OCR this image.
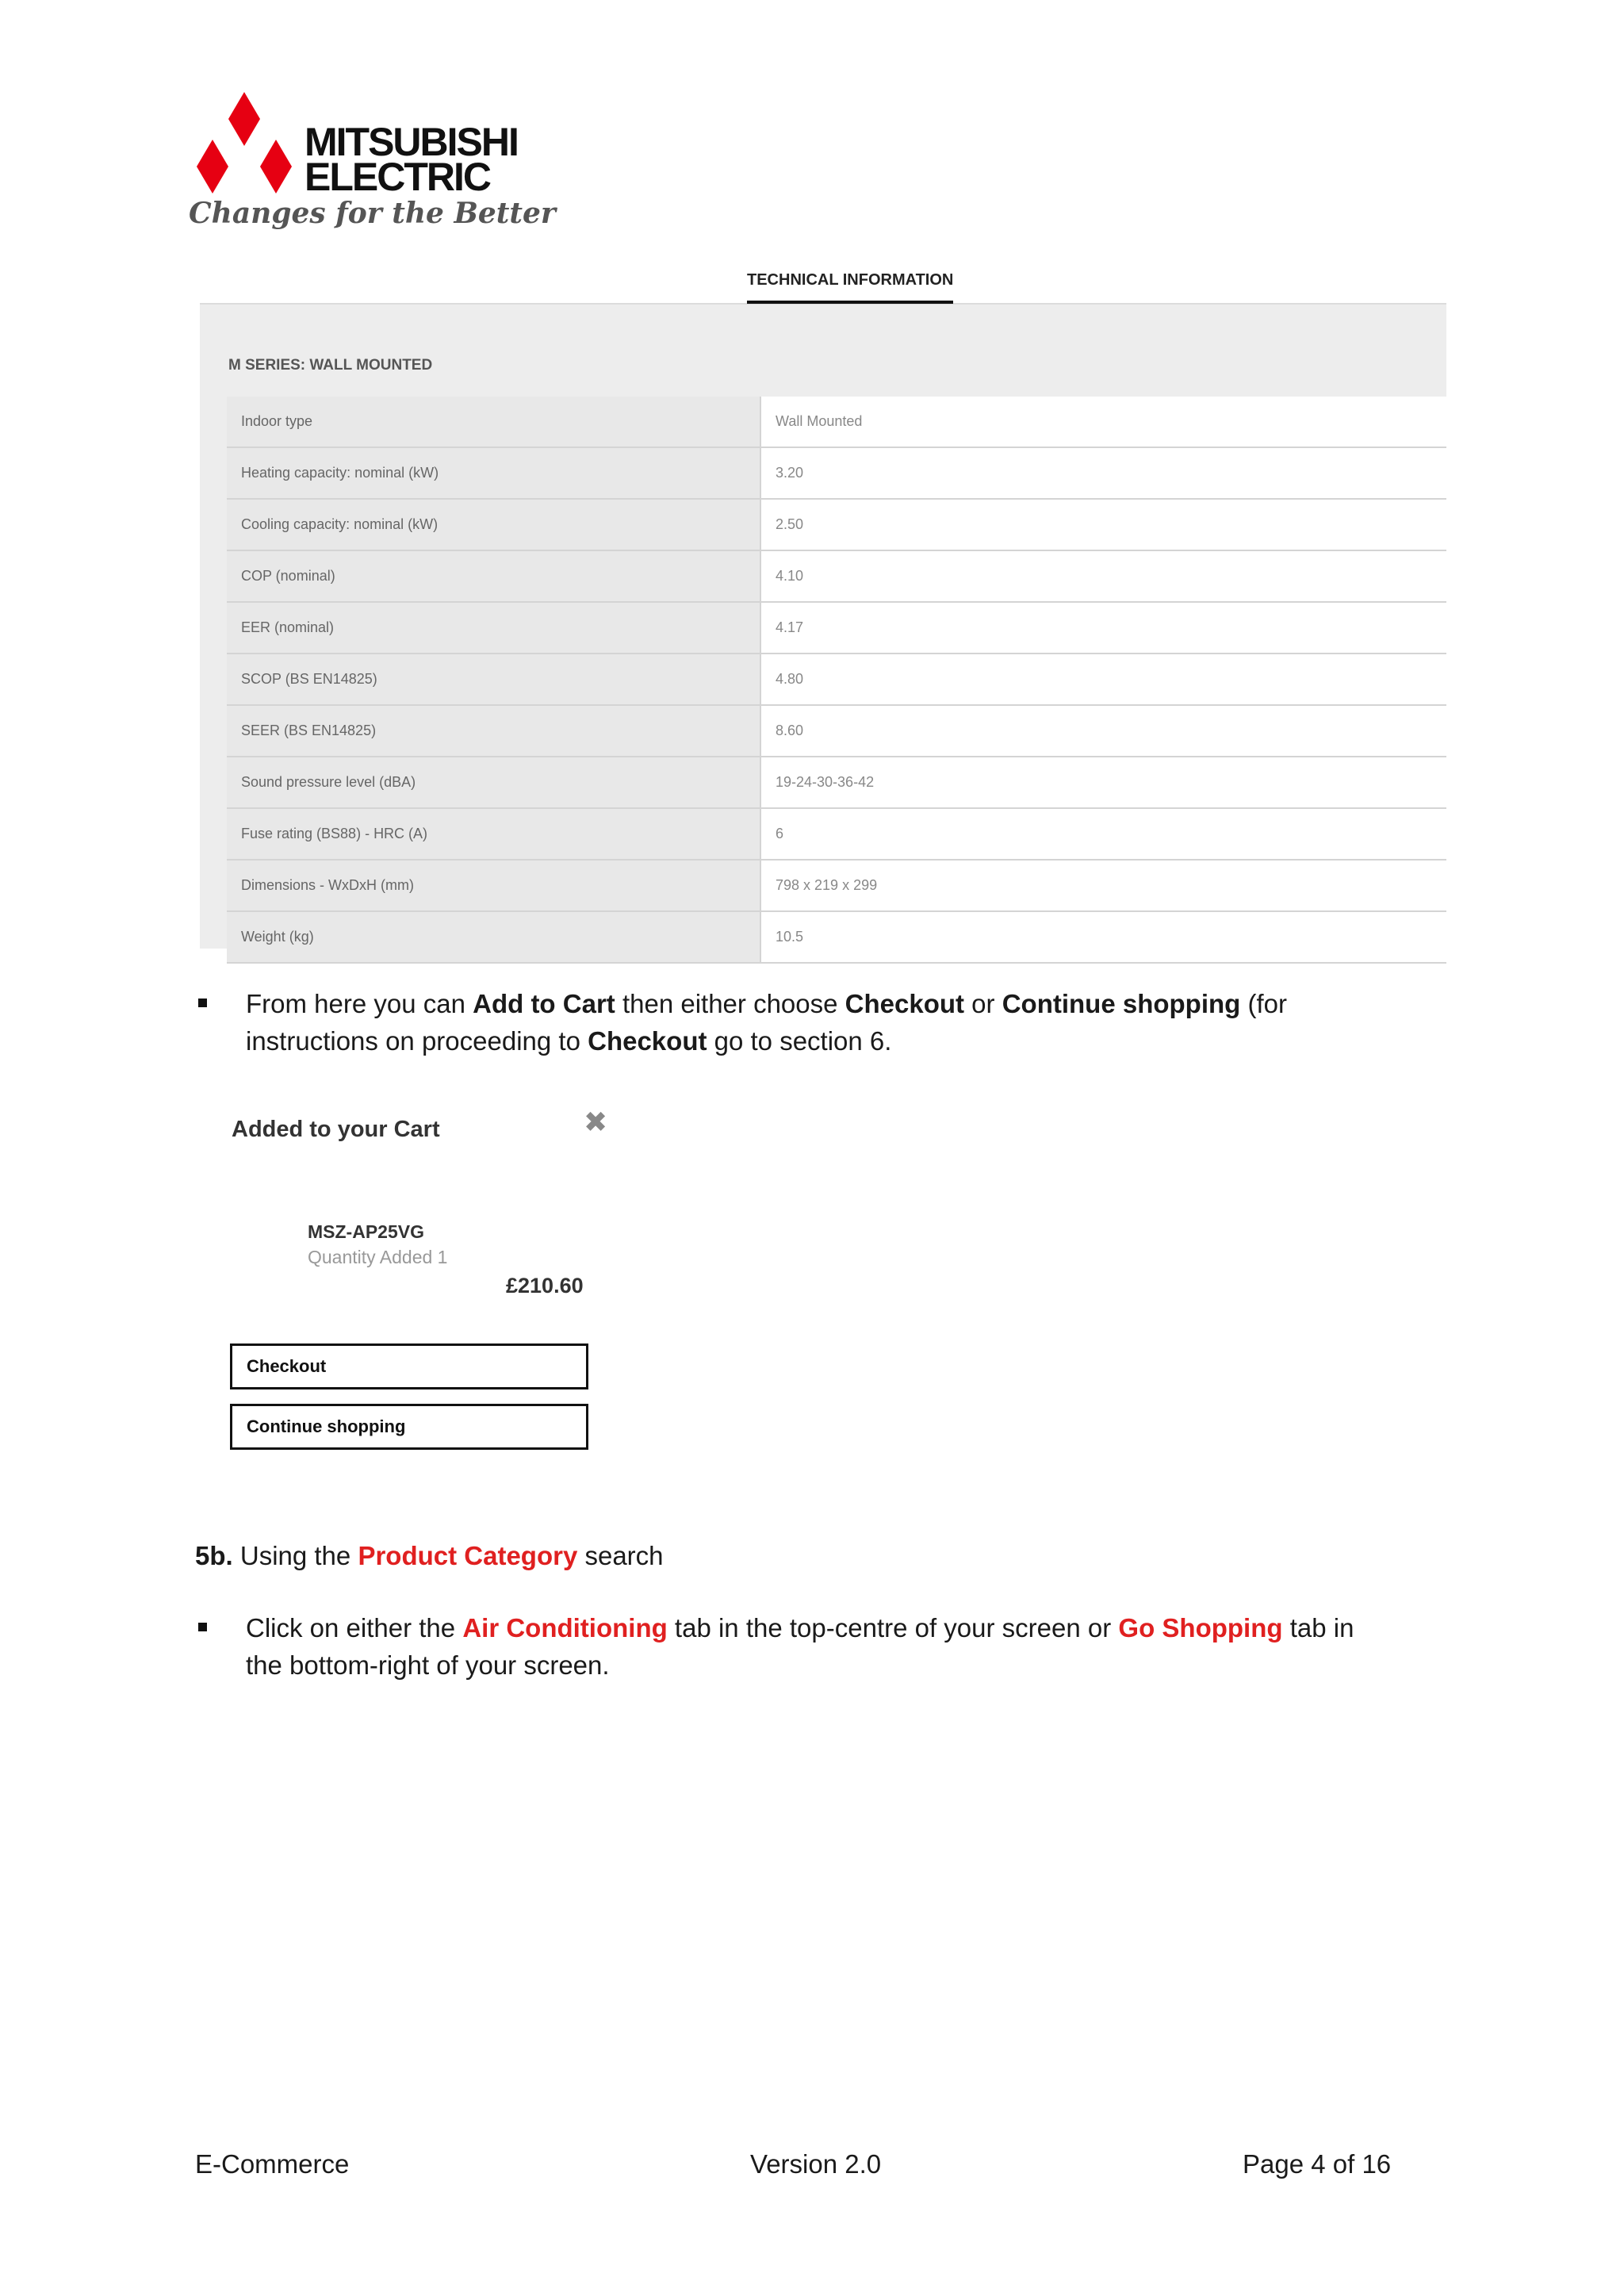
MITSUBISHI
ELECTRIC
Changes for the Better
TECHNICAL INFORMATION
M SERIES: WALL MOUNTED
Indoor type	Wall Mounted
Heating capacity: nominal (kW)	3.20
Cooling capacity: nominal (kW)	2.50
COP (nominal)	4.10
EER (nominal)	4.17
SCOP (BS EN14825)	4.80
SEER (BS EN14825)	8.60
Sound pressure level (dBA)	19-24-30-36-42
Fuse rating (BS88) - HRC (A)	6
Dimensions - WxDxH (mm)	798 x 219 x 299
Weight (kg)	10.5
From here you can Add to Cart then either choose Checkout or Continue shopping (for
instructions on proceeding to Checkout go to section 6.
Added to your Cart	✖
MSZ-AP25VG
Quantity Added 1
£210.60
Checkout
Continue shopping
5b. Using the Product Category search
Click on either the Air Conditioning tab in the top-centre of your screen or Go Shopping tab in
the bottom-right of your screen.
E-Commerce	Version 2.0	Page 4 of 16
